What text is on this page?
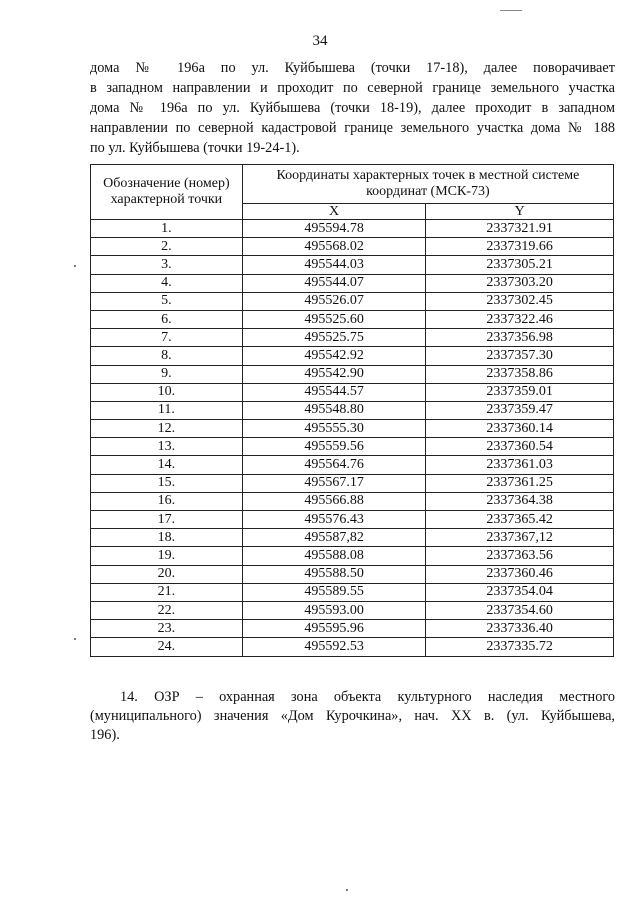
34

дома № 196а по ул. Куйбышева (точки 17-18), далее поворачивает
в западном направлении и проходит по северной границе земельного участка
дома № 196а по ул. Куйбышева (точки 18-19), далее проходит в западном
направлении по северной кадастровой границе земельного участка дома № 188
по ул. Куйбышева (точки 19-24-1).

Обозначение (номер) характерной точки	Координаты характерных точек в местной системе координат (МСК-73)	
	X	Y
1.	495594.78	2337321.91
2.	495568.02	2337319.66
3.	495544.03	2337305.21
4.	495544.07	2337303.20
5.	495526.07	2337302.45
6.	495525.60	2337322.46
7.	495525.75	2337356.98
8.	495542.92	2337357.30
9.	495542.90	2337358.86
10.	495544.57	2337359.01
11.	495548.80	2337359.47
12.	495555.30	2337360.14
13.	495559.56	2337360.54
14.	495564.76	2337361.03
15.	495567.17	2337361.25
16.	495566.88	2337364.38
17.	495576.43	2337365.42
18.	495587,82	2337367,12
19.	495588.08	2337363.56
20.	495588.50	2337360.46
21.	495589.55	2337354.04
22.	495593.00	2337354.60
23.	495595.96	2337336.40
24.	495592.53	2337335.72

14. ОЗР – охранная зона объекта культурного наследия местного
(муниципального) значения «Дом Курочкина», нач. XX в. (ул. Куйбышева,
196).
